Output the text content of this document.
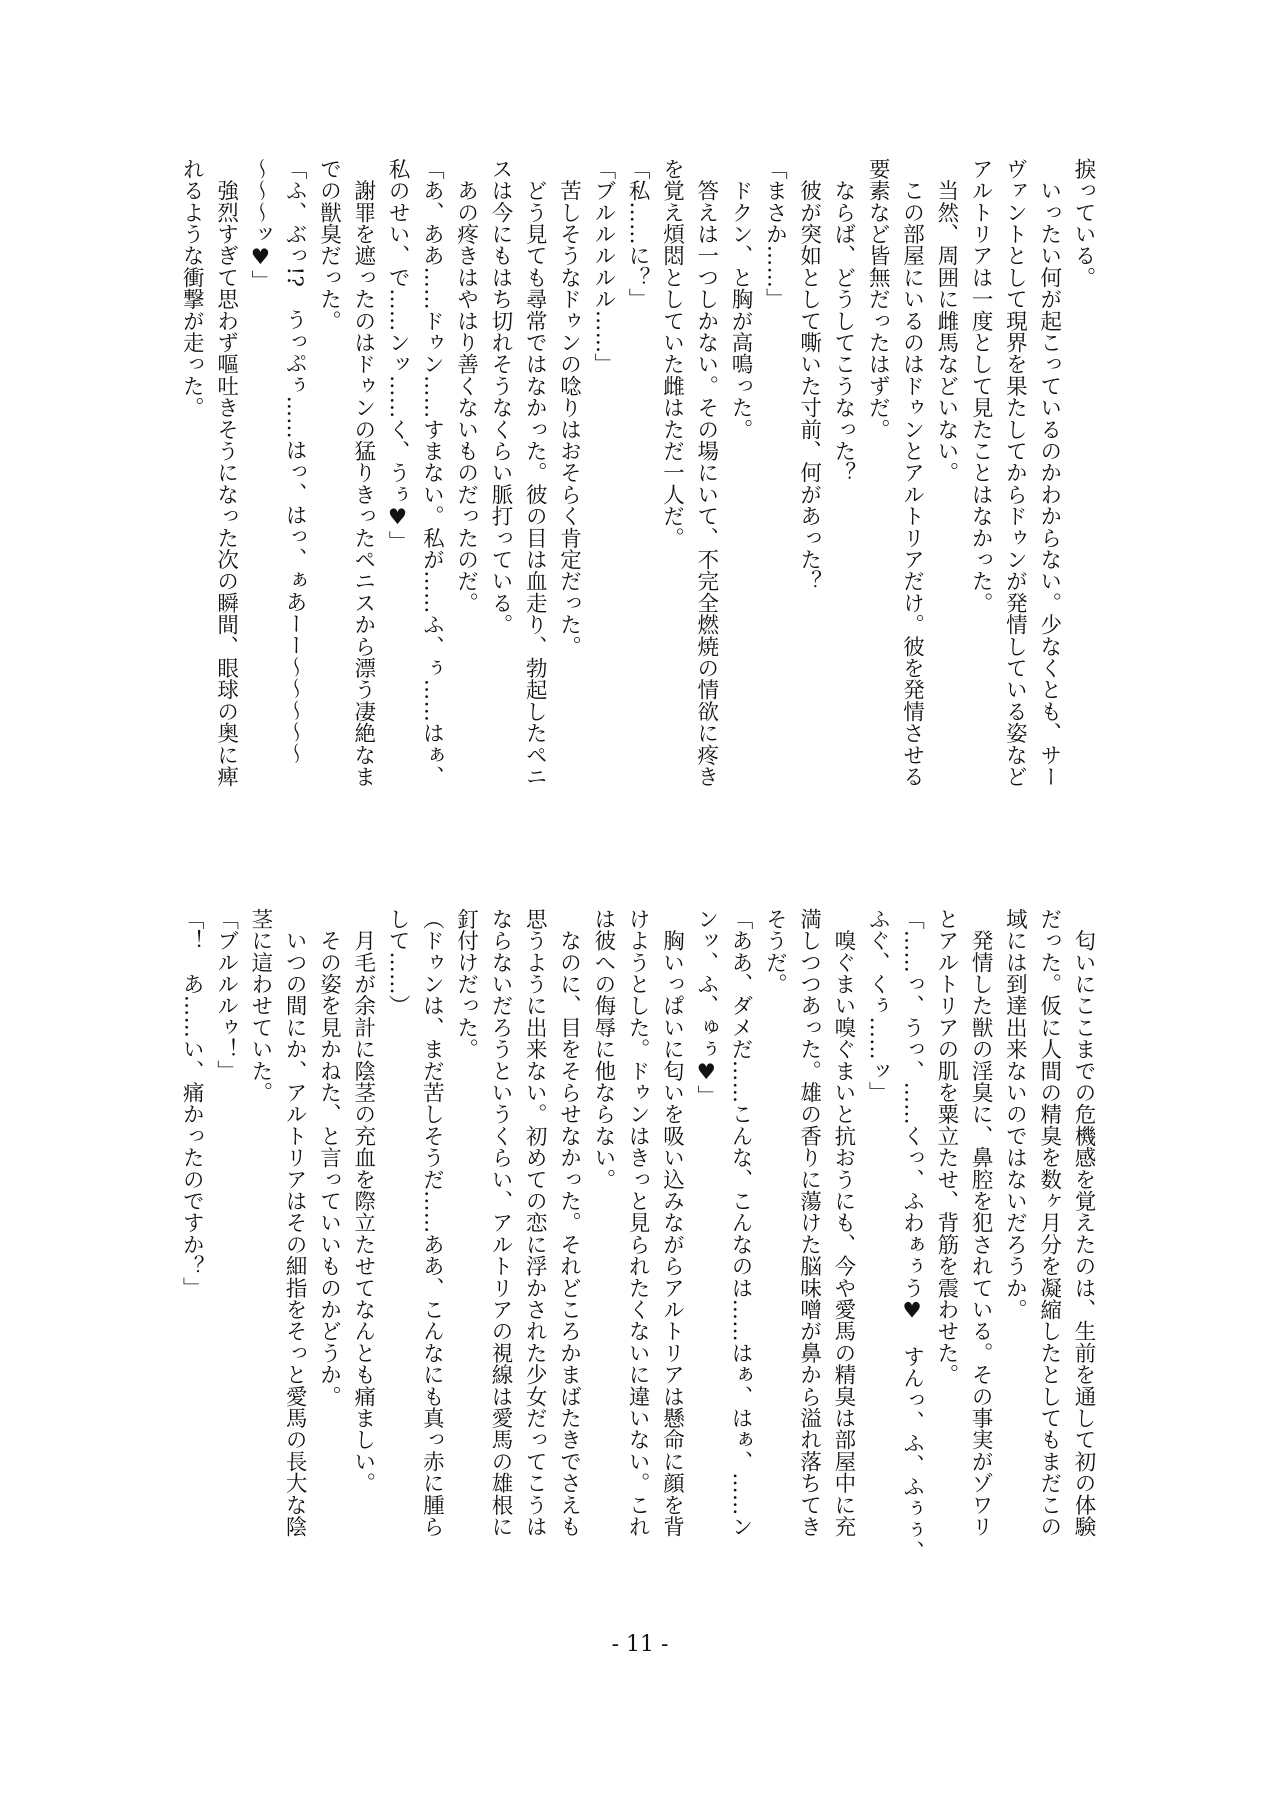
捩っている。
　いったい何が起こっているのかわからない。少なくとも、サー
ヴァントとして現界を果たしてからドゥンが発情している姿など
アルトリアは一度として見たことはなかった。
　当然、周囲に雌馬などいない。
　この部屋にいるのはドゥンとアルトリアだけ。彼を発情させる
要素など皆無だったはずだ。
　ならば、どうしてこうなった？
　彼が突如として嘶いた寸前、何があった？
「まさか……」
　ドクン、と胸が高鳴った。
　答えは一つしかない。その場にいて、不完全燃焼の情欲に疼き
を覚え煩悶としていた雌はただ一人だ。
「私……に？」
「ブルルルルル……」
　苦しそうなドゥンの唸りはおそらく肯定だった。
　どう見ても尋常ではなかった。彼の目は血走り、勃起したペニ
スは今にもはち切れそうなくらい脈打っている。
　あの疼きはやはり善くないものだったのだ。
「あ、ああ……ドゥン……すまない。私が……ふ、ぅ……はぁ、
私のせい、で……ンッ……く、うぅ♥」
　謝罪を遮ったのはドゥンの猛りきったペニスから漂う凄絶なま
での獣臭だった。
「ふ、ぶっ!?　うっぷぅ……はっ、はっ、ぁあーー～～～～～
～～～ッ♥」
　強烈すぎて思わず嘔吐きそうになった次の瞬間、眼球の奥に痺
れるような衝撃が走った。
　匂いにここまでの危機感を覚えたのは、生前を通して初の体験
だった。仮に人間の精臭を数ヶ月分を凝縮したとしてもまだこの
域には到達出来ないのではないだろうか。
　発情した獣の淫臭に、鼻腔を犯されている。その事実がゾワリ
とアルトリアの肌を粟立たせ、背筋を震わせた。
「……っ、うっ、……くっ、ふわぁぅう♥　すんっ、ふ、ふぅぅ、
ふぐ、くぅ……ッ」
　嗅ぐまい嗅ぐまいと抗おうにも、今や愛馬の精臭は部屋中に充
満しつつあった。雄の香りに蕩けた脳味噌が鼻から溢れ落ちてき
そうだ。
「ああ、ダメだ……こんな、こんなのは……はぁ、はぁ、……ン
ンッ、ふ、ゅぅ♥」
　胸いっぱいに匂いを吸い込みながらアルトリアは懸命に顔を背
けようとした。ドゥンはきっと見られたくないに違いない。これ
は彼への侮辱に他ならない。
　なのに、目をそらせなかった。それどころかまばたきでさえも
思うように出来ない。初めての恋に浮かされた少女だってこうは
ならないだろうというくらい、アルトリアの視線は愛馬の雄根に
釘付けだった。
（ドゥンは、まだ苦しそうだ……ああ、こんなにも真っ赤に腫ら
して……）
　月毛が余計に陰茎の充血を際立たせてなんとも痛ましい。
　その姿を見かねた、と言っていいものかどうか。
　いつの間にか、アルトリアはその細指をそっと愛馬の長大な陰
茎に這わせていた。
「ブルルルゥ！」
「！　あ……い、痛かったのですか？」
- 11 -
